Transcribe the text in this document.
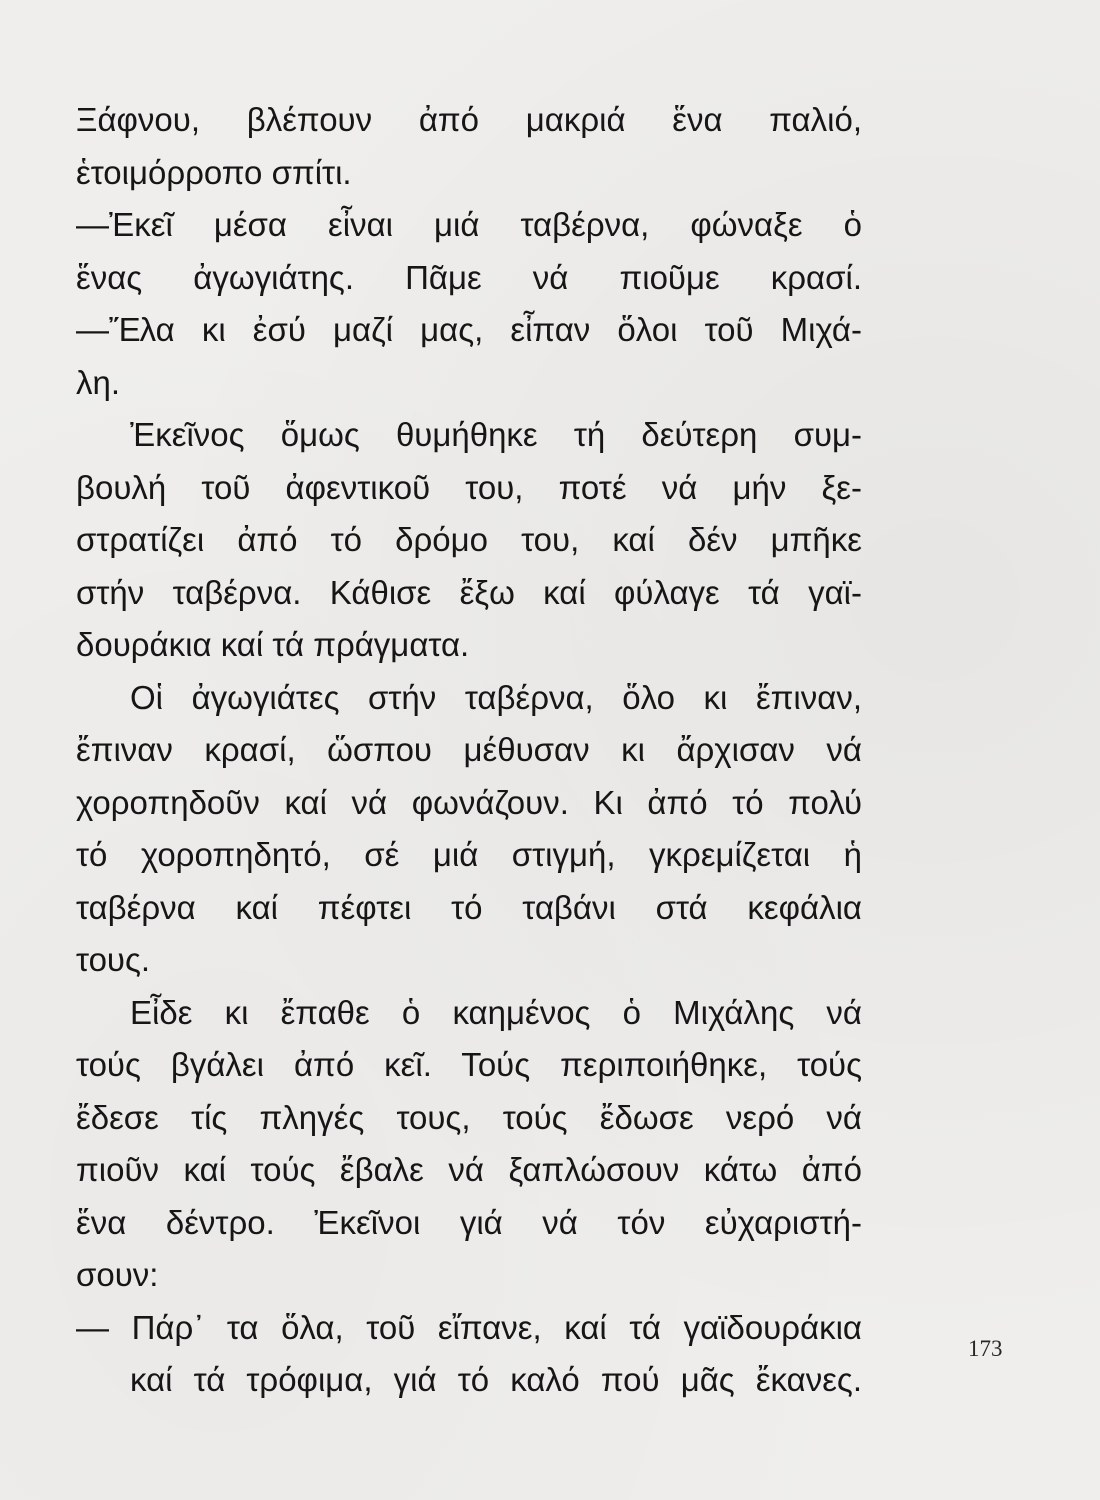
Ξάφνου, βλέπουν ἀπό μακριά ἕνα παλιό,
ἑτοιμόρροπο σπίτι.
—Ἐκεῖ μέσα εἶναι μιά ταβέρνα, φώναξε ὁ
ἕνας ἀγωγιάτης. Πᾶμε νά πιοῦμε κρασί.
—Ἔλα κι ἐσύ μαζί μας, εἶπαν ὅλοι τοῦ Μιχά-
λη.
Ἐκεῖνος ὅμως θυμήθηκε τή δεύτερη συμ-
βουλή τοῦ ἀφεντικοῦ του, ποτέ νά μήν ξε-
στρατίζει ἀπό τό δρόμο του, καί δέν μπῆκε
στήν ταβέρνα. Κάθισε ἔξω καί φύλαγε τά γαϊ-
δουράκια καί τά πράγματα.
Οἱ ἀγωγιάτες στήν ταβέρνα, ὅλο κι ἔπιναν,
ἔπιναν κρασί, ὥσπου μέθυσαν κι ἄρχισαν νά
χοροπηδοῦν καί νά φωνάζουν. Κι ἀπό τό πολύ
τό χοροπηδητό, σέ μιά στιγμή, γκρεμίζεται ἡ
ταβέρνα καί πέφτει τό ταβάνι στά κεφάλια
τους.
Εἶδε κι ἔπαθε ὁ καημένος ὁ Μιχάλης νά
τούς βγάλει ἀπό κεῖ. Τούς περιποιήθηκε, τούς
ἔδεσε τίς πληγές τους, τούς ἔδωσε νερό νά
πιοῦν καί τούς ἔβαλε νά ξαπλώσουν κάτω ἀπό
ἕνα δέντρο. Ἐκεῖνοι γιά νά τόν εὐχαριστή-
σουν:
— Πάρ᾽ τα ὅλα, τοῦ εἴπανε, καί τά γαϊδουράκια
καί τά τρόφιμα, γιά τό καλό πού μᾶς ἔκανες.
173
